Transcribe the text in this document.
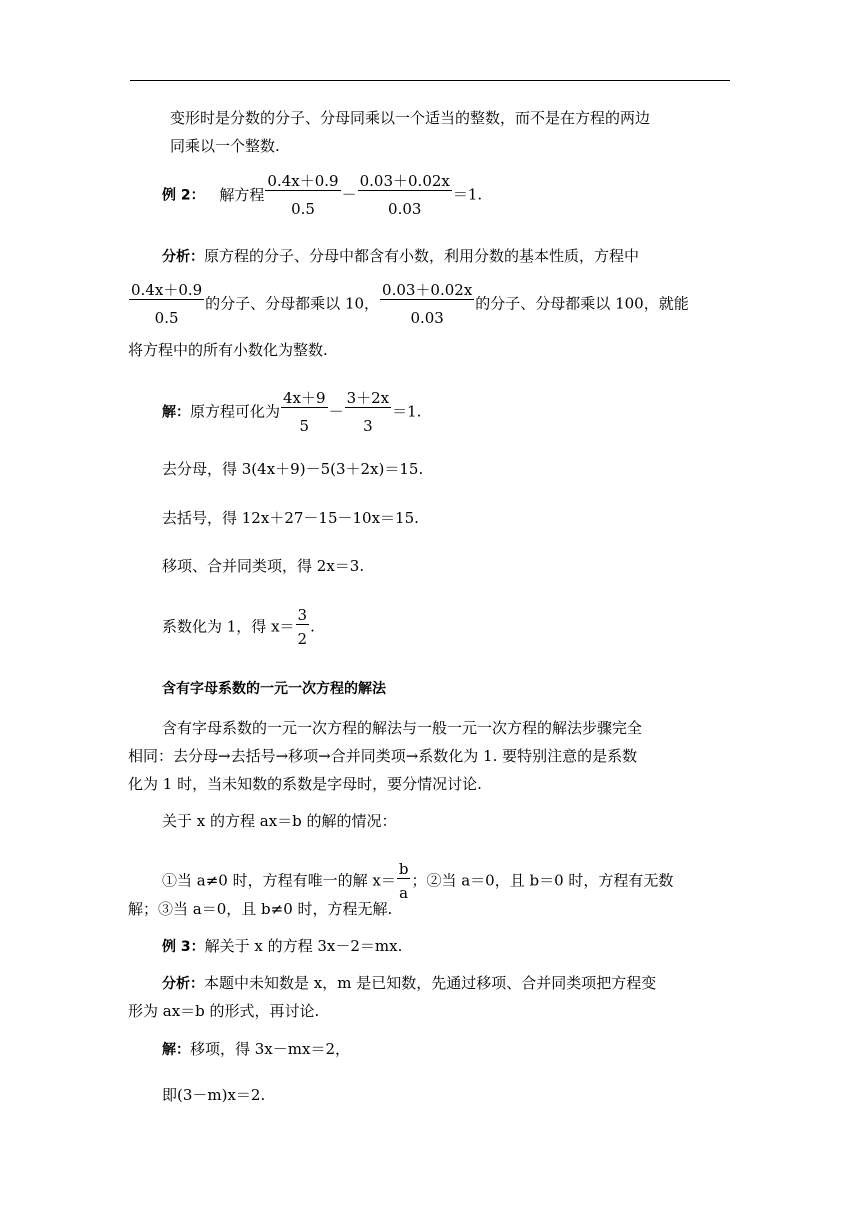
变形时是分数的分子、分母同乘以一个适当的整数，而不是在方程的两边
同乘以一个整数.
例 2： 解方程 $\frac{0.4x+0.9}{0.5} - \frac{0.03+0.02x}{0.03} =1$.
分析：原方程的分子、分母中都含有小数，利用分数的基本性质，方程中
$\frac{0.4x+0.9}{0.5}$ 的分子、分母都乘以 10， $\frac{0.03+0.02x}{0.03}$ 的分子、分母都乘以 100，就能
将方程中的所有小数化为整数.
解：原方程可化为 $\frac{4x+9}{5} - \frac{3+2x}{3} =1$.
去分母，得 3(4x＋9)－5(3＋2x)＝15.
去括号，得 12x＋27－15－10x＝15.
移项、合并同类项，得 2x＝3.
系数化为 1，得 $x= \frac{3}{2}$ .
含有字母系数的一元一次方程的解法
含有字母系数的一元一次方程的解法与一般一元一次方程的解法步骤完全
相同：去分母→去括号→移项→合并同类项→系数化为 1. 要特别注意的是系数
化为 1 时，当未知数的系数是字母时，要分情况讨论.
关于 x 的方程 ax＝b 的解的情况：
①当 a≠0 时，方程有唯一的解 $x= \frac{b}{a}$ ；②当 a＝0，且 b＝0 时，方程有无数
解；③当 a＝0，且 b≠0 时，方程无解.
例 3：解关于 x 的方程 3x－2＝mx.
分析：本题中未知数是 x，m 是已知数，先通过移项、合并同类项把方程变
形为 ax＝b 的形式，再讨论.
解：移项，得 3x－mx＝2，
即(3－m)x＝2.
